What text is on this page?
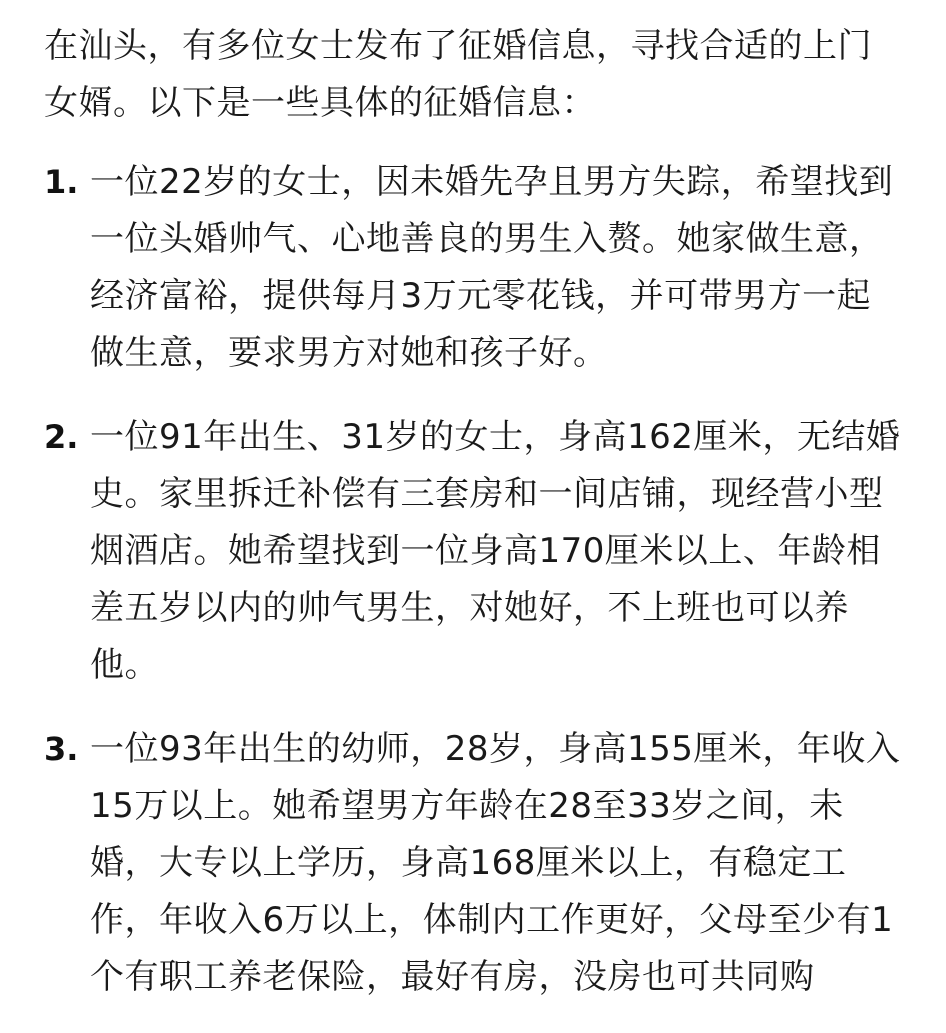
在汕头，有多位女士发布了征婚信息，寻找合适的上门女婿。以下是一些具体的征婚信息：

1. 一位22岁的女士，因未婚先孕且男方失踪，希望找到一位头婚帅气、心地善良的男生入赘。她家做生意，经济富裕，提供每月3万元零花钱，并可带男方一起做生意，要求男方对她和孩子好。
2. 一位91年出生、31岁的女士，身高162厘米，无结婚史。家里拆迁补偿有三套房和一间店铺，现经营小型烟酒店。她希望找到一位身高170厘米以上、年龄相差五岁以内的帅气男生，对她好，不上班也可以养他。
3. 一位93年出生的幼师，28岁，身高155厘米，年收入15万以上。她希望男方年龄在28至33岁之间，未婚，大专以上学历，身高168厘米以上，有稳定工作，年收入6万以上，体制内工作更好，父母至少有1个有职工养老保险，最好有房，没房也可共同购
